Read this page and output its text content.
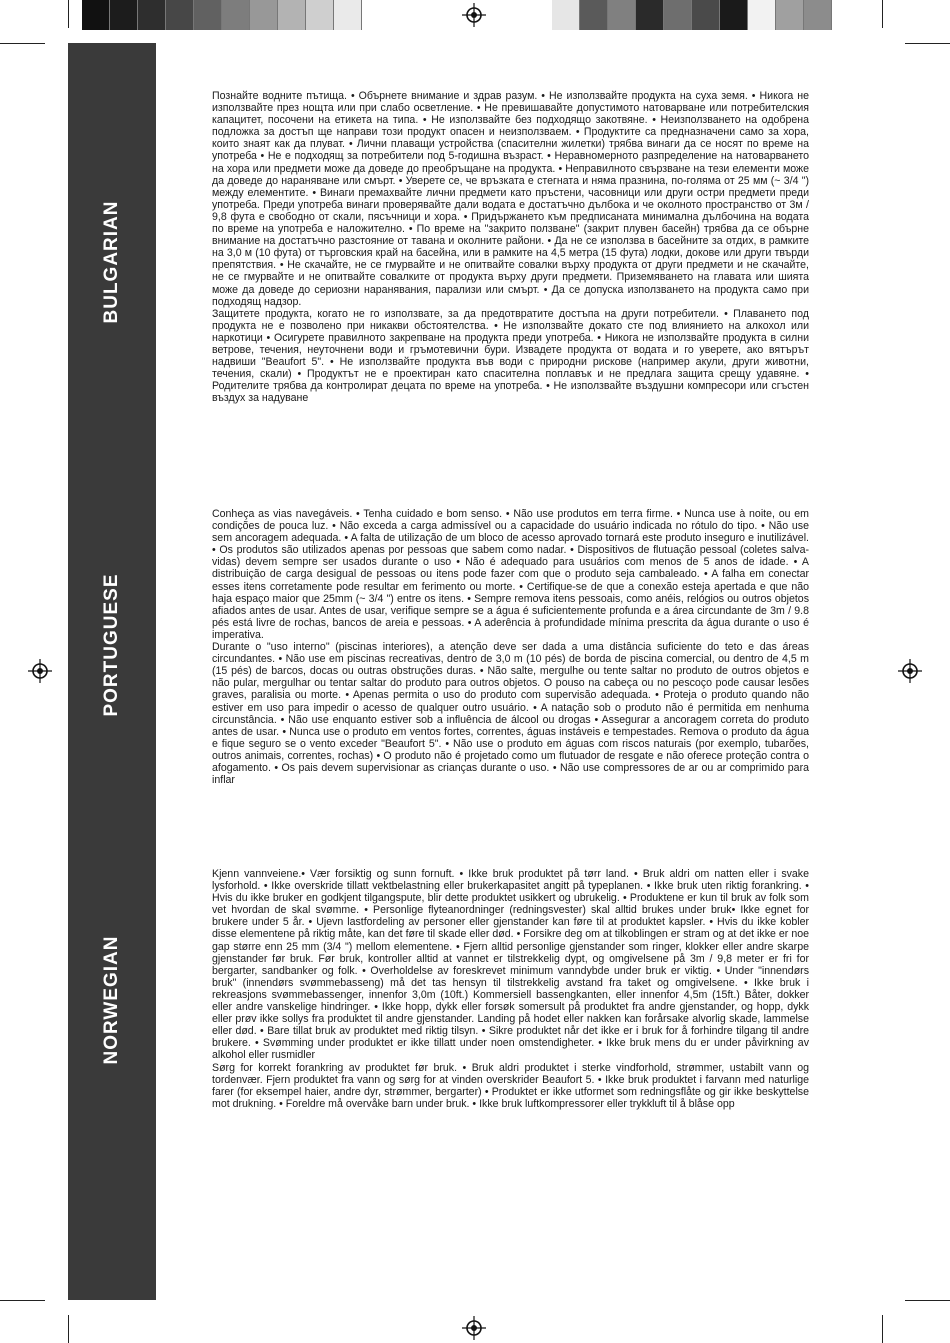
BULGARIAN
PORTUGUESE
NORWEGIAN

Познайте водните пътища. • Обърнете внимание и здрав разум. • Не използвайте продукта на суха земя. • Никога не използвайте през нощта или при слабо осветление. • Не превишавайте допустимото натоварване или потребителския капацитет, посочени на етикета на типа. • Не използвайте без подходящо закотвяне. • Неизползването на одобрена подложка за достъп ще направи този продукт опасен и неизползваем. • Продуктите са предназначени само за хора, които знаят как да плуват. • Лични плаващи устройства (спасителни жилетки) трябва винаги да се носят по време на употреба • Не е подходящ за потребители под 5-годишна възраст. • Неравномерното разпределение на натоварването на хора или предмети може да доведе до преобръщане на продукта. • Неправилното свързване на тези елементи може да доведе до нараняване или смърт. • Уверете се, че връзката е стегната и няма празнина, по-голяма от 25 мм (~ 3/4 ") между елементите. • Винаги премахвайте лични предмети като пръстени, часовници или други остри предмети преди употреба. Преди употреба винаги проверявайте дали водата е достатъчно дълбока и че околното пространство от 3м / 9,8 фута е свободно от скали, пясъчници и хора. • Придържането към предписаната минимална дълбочина на водата по време на употреба е наложително. • По време на "закрито ползване" (закрит плувен басейн) трябва да се обърне внимание на достатъчно разстояние от тавана и околните райони. • Да не се използва в басейните за отдих, в рамките на 3,0 м (10 фута) от търговския край на басейна, или в рамките на 4,5 метра (15 фута) лодки, докове или други твърди препятствия. • Не скачайте, не се гмурвайте и не опитвайте совалки върху продукта от други предмети и не скачайте, не се гмурвайте и не опитвайте совалките от продукта върху други предмети. Приземяването на главата или шията може да доведе до сериозни наранявания, парализи или смърт. • Да се допуска използването на продукта само при подходящ надзор.

Защитете продукта, когато не го използвате, за да предотвратите достъпа на други потребители. • Плаването под продукта не е позволено при никакви обстоятелства. • Не използвайте докато сте под влиянието на алкохол или наркотици • Осигурете правилното закрепване на продукта преди употреба. • Никога не използвайте продукта в силни ветрове, течения, неуточнени води и гръмотевични бури. Извадете продукта от водата и го уверете, ако вятърът надвиши "Beaufort 5". • Не използвайте продукта във води с природни рискове (например акули, други животни, течения, скали) • Продуктът не е проектиран като спасителна поплавък и не предлага защита срещу удавяне. • Родителите трябва да контролират децата по време на употреба. • Не използвайте въздушни компресори или сгъстен въздух за надуване

Conheça as vias navegáveis. • Tenha cuidado e bom senso. • Não use produtos em terra firme. • Nunca use à noite, ou em condições de pouca luz. • Não exceda a carga admissível ou a capacidade do usuário indicada no rótulo do tipo. • Não use sem ancoragem adequada. • A falta de utilização de um bloco de acesso aprovado tornará este produto inseguro e inutilizável. • Os produtos são utilizados apenas por pessoas que sabem como nadar. • Dispositivos de flutuação pessoal (coletes salva-vidas) devem sempre ser usados durante o uso • Não é adequado para usuários com menos de 5 anos de idade. • A distribuição de carga desigual de pessoas ou itens pode fazer com que o produto seja cambaleado. • A falha em conectar esses itens corretamente pode resultar em ferimento ou morte. • Certifique-se de que a conexão esteja apertada e que não haja espaço maior que 25mm (~ 3/4 ") entre os itens. • Sempre remova itens pessoais, como anéis, relógios ou outros objetos afiados antes de usar. Antes de usar, verifique sempre se a água é suficientemente profunda e a área circundante de 3m / 9.8 pés está livre de rochas, bancos de areia e pessoas. • A aderência à profundidade mínima prescrita da água durante o uso é imperativa.

Durante o "uso interno" (piscinas interiores), a atenção deve ser dada a uma distância suficiente do teto e das áreas circundantes. • Não use em piscinas recreativas, dentro de 3,0 m (10 pés) de borda de piscina comercial, ou dentro de 4,5 m (15 pés) de barcos, docas ou outras obstruções duras. • Não salte, mergulhe ou tente saltar no produto de outros objetos e não pular, mergulhar ou tentar saltar do produto para outros objetos. O pouso na cabeça ou no pescoço pode causar lesões graves, paralisia ou morte. • Apenas permita o uso do produto com supervisão adequada. • Proteja o produto quando não estiver em uso para impedir o acesso de qualquer outro usuário. • A natação sob o produto não é permitida em nenhuma circunstância. • Não use enquanto estiver sob a influência de álcool ou drogas • Assegurar a ancoragem correta do produto antes de usar. • Nunca use o produto em ventos fortes, correntes, águas instáveis e tempestades. Remova o produto da água e fique seguro se o vento exceder "Beaufort 5". • Não use o produto em águas com riscos naturais (por exemplo, tubarões, outros animais, correntes, rochas) • O produto não é projetado como um flutuador de resgate e não oferece proteção contra o afogamento. • Os pais devem supervisionar as crianças durante o uso. • Não use compressores de ar ou ar comprimido para inflar

Kjenn vannveiene.• Vær forsiktig og sunn fornuft. • Ikke bruk produktet på tørr land. • Bruk aldri om natten eller i svake lysforhold. • Ikke overskride tillatt vektbelastning eller brukerkapasitet angitt på typeplanen. • Ikke bruk uten riktig forankring. • Hvis du ikke bruker en godkjent tilgangspute, blir dette produktet usikkert og ubrukelig. • Produktene er kun til bruk av folk som vet hvordan de skal svømme. • Personlige flyteanordninger (redningsvester) skal alltid brukes under bruk• Ikke egnet for brukere under 5 år. • Ujevn lastfordeling av personer eller gjenstander kan føre til at produktet kapsler. • Hvis du ikke kobler disse elementene på riktig måte, kan det føre til skade eller død. • Forsikre deg om at tilkoblingen er stram og at det ikke er noe gap større enn 25 mm (3/4 ") mellom elementene. • Fjern alltid personlige gjenstander som ringer, klokker eller andre skarpe gjenstander før bruk. Før bruk, kontroller alltid at vannet er tilstrekkelig dypt, og omgivelsene på 3m / 9,8 meter er fri for bergarter, sandbanker og folk. • Overholdelse av foreskrevet minimum vanndybde under bruk er viktig. • Under "innendørs bruk" (innendørs svømmebasseng) må det tas hensyn til tilstrekkelig avstand fra taket og omgivelsene. • Ikke bruk i rekreasjons svømmebassenger, innenfor 3,0m (10ft.) Kommersiell bassengkanten, eller innenfor 4,5m (15ft.) Båter, dokker eller andre vanskelige hindringer. • Ikke hopp, dykk eller forsøk somersult på produktet fra andre gjenstander, og hopp, dykk eller prøv ikke sollys fra produktet til andre gjenstander. Landing på hodet eller nakken kan forårsake alvorlig skade, lammelse eller død. • Bare tillat bruk av produktet med riktig tilsyn. • Sikre produktet når det ikke er i bruk for å forhindre tilgang til andre brukere. • Svømming under produktet er ikke tillatt under noen omstendigheter. • Ikke bruk mens du er under påvirkning av alkohol eller rusmidler

Sørg for korrekt forankring av produktet før bruk. • Bruk aldri produktet i sterke vindforhold, strømmer, ustabilt vann og tordenvær. Fjern produktet fra vann og sørg for at vinden overskrider Beaufort 5. • Ikke bruk produktet i farvann med naturlige farer (for eksempel haier, andre dyr, strømmer, bergarter) • Produktet er ikke utformet som redningsflåte og gir ikke beskyttelse mot drukning. • Foreldre må overvåke barn under bruk. • Ikke bruk luftkompressorer eller trykkluft til å blåse opp
